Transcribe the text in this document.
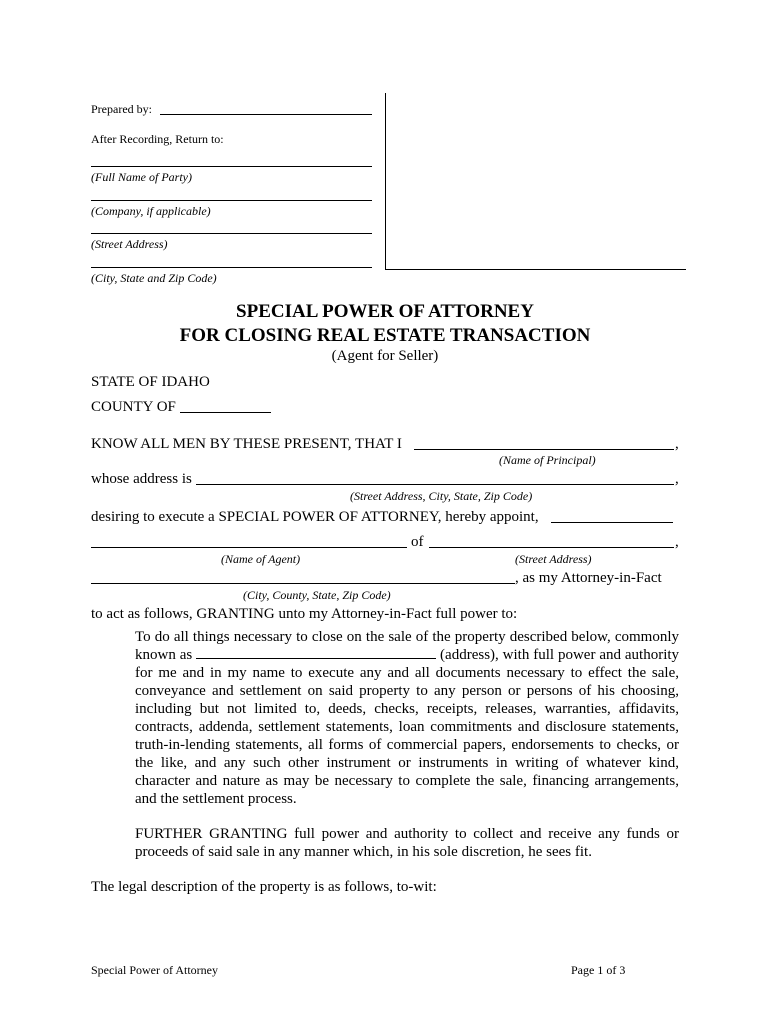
Prepared by:
After Recording, Return to:
(Full Name of Party)
(Company, if applicable)
(Street Address)
(City, State and Zip Code)
SPECIAL POWER OF ATTORNEY
FOR CLOSING REAL ESTATE TRANSACTION
(Agent for Seller)
STATE OF IDAHO
COUNTY OF
KNOW ALL MEN BY THESE PRESENT, THAT I	,
(Name of Principal)
whose address is	,
(Street Address, City, State, Zip Code)
desiring to execute a SPECIAL POWER OF ATTORNEY, hereby appoint,
of	,
(Name of Agent)	(Street Address)
, as my Attorney-in-Fact
(City, County, State, Zip Code)
to act as follows, GRANTING unto my Attorney-in-Fact full power to:
To do all things necessary to close on the sale of the property described below, commonly known as	(address), with full power and authority for me and in my name to execute any and all documents necessary to effect the sale, conveyance and settlement on said property to any person or persons of his choosing, including but not limited to, deeds, checks, receipts, releases, warranties, affidavits, contracts, addenda, settlement statements, loan commitments and disclosure statements, truth-in-lending statements, all forms of commercial papers, endorsements to checks, or the like, and any such other instrument or instruments in writing of whatever kind, character and nature as may be necessary to complete the sale, financing arrangements, and the settlement process.
FURTHER GRANTING full power and authority to collect and receive any funds or proceeds of said sale in any manner which, in his sole discretion, he sees fit.
The legal description of the property is as follows, to-wit:
Special Power of Attorney	Page 1 of 3
